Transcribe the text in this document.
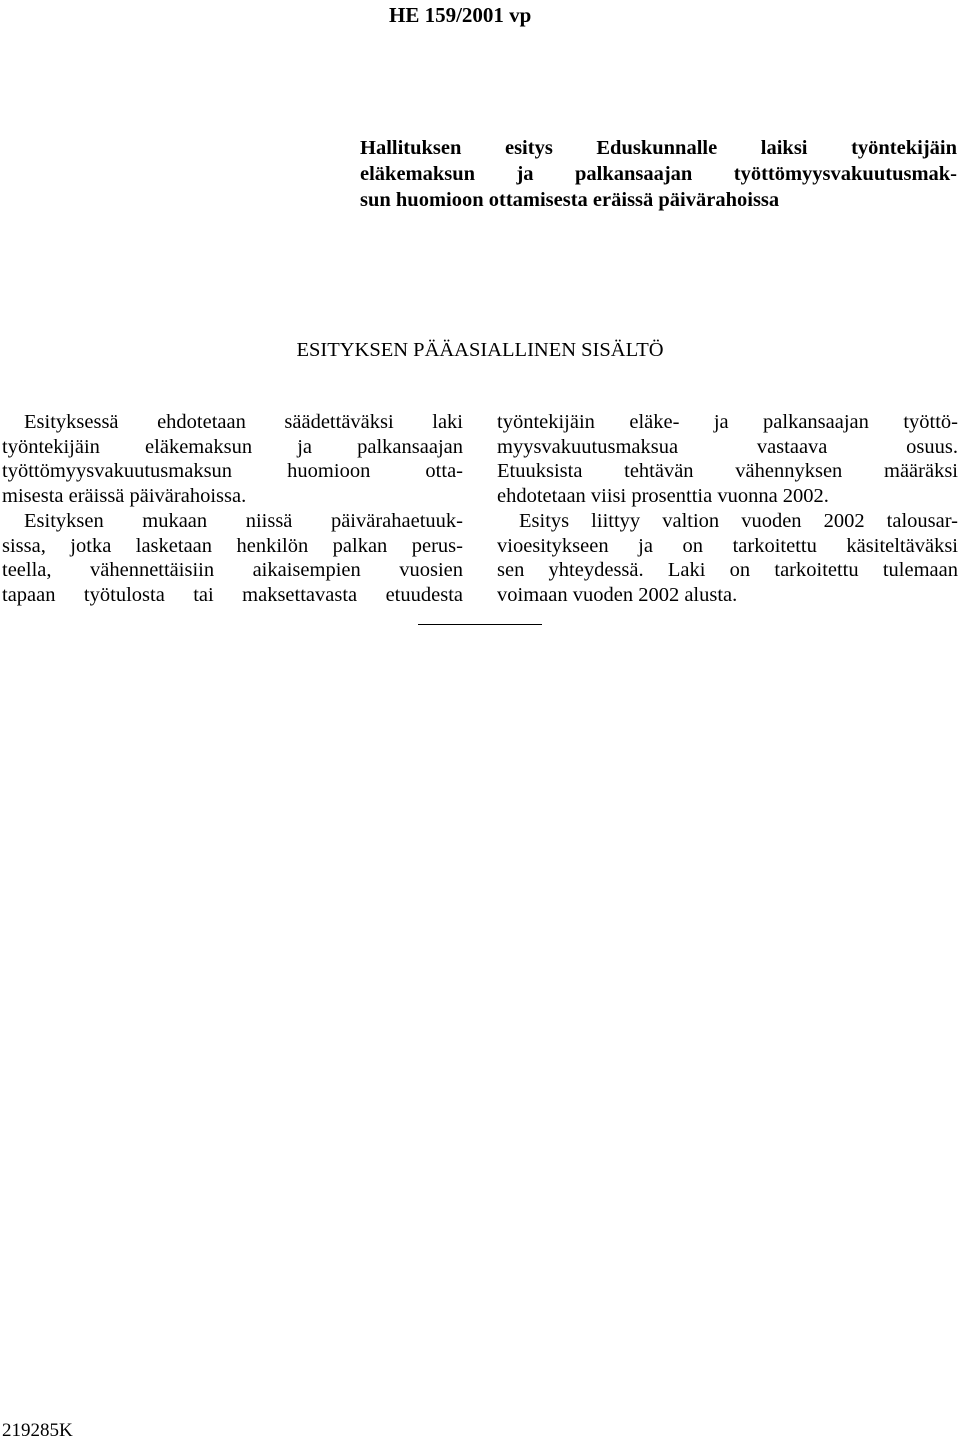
HE 159/2001 vp
Hallituksen esitys Eduskunnalle laiksi työntekijäin
eläkemaksun ja palkansaajan työttömyysvakuutusmak-
sun huomioon ottamisesta eräissä päivärahoissa
ESITYKSEN PÄÄASIALLINEN SISÄLTÖ
Esityksessä ehdotetaan säädettäväksi laki
työntekijäin eläkemaksun ja palkansaajan
työttömyysvakuutusmaksun huomioon otta-
misesta eräissä päivärahoissa.
Esityksen mukaan niissä päivärahaetuuk-
sissa, jotka lasketaan henkilön palkan perus-
teella, vähennettäisiin aikaisempien vuosien
tapaan työtulosta tai maksettavasta etuudesta
työntekijäin eläke- ja palkansaajan työttö-
myysvakuutusmaksua vastaava osuus.
Etuuksista tehtävän vähennyksen määräksi
ehdotetaan viisi prosenttia vuonna 2002.
Esitys liittyy valtion vuoden 2002 talousar-
vioesitykseen ja on tarkoitettu käsiteltäväksi
sen yhteydessä. Laki on tarkoitettu tulemaan
voimaan vuoden 2002 alusta.
219285K
